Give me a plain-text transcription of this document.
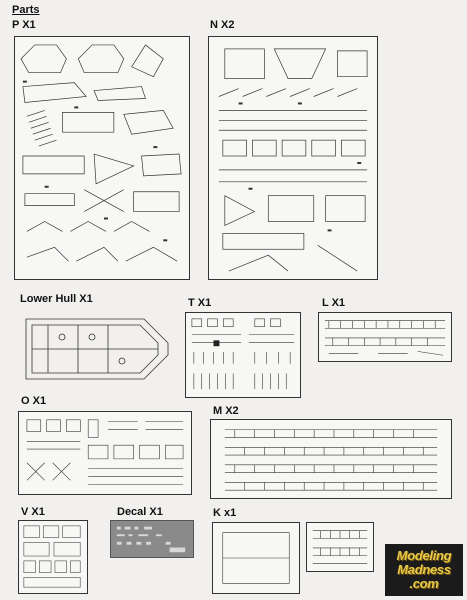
Parts
P X1	N X2
Lower Hull X1	T X1	L X1
O X1
M X2
V X1	Decal X1	K x1
Modeling
Madness
.com
